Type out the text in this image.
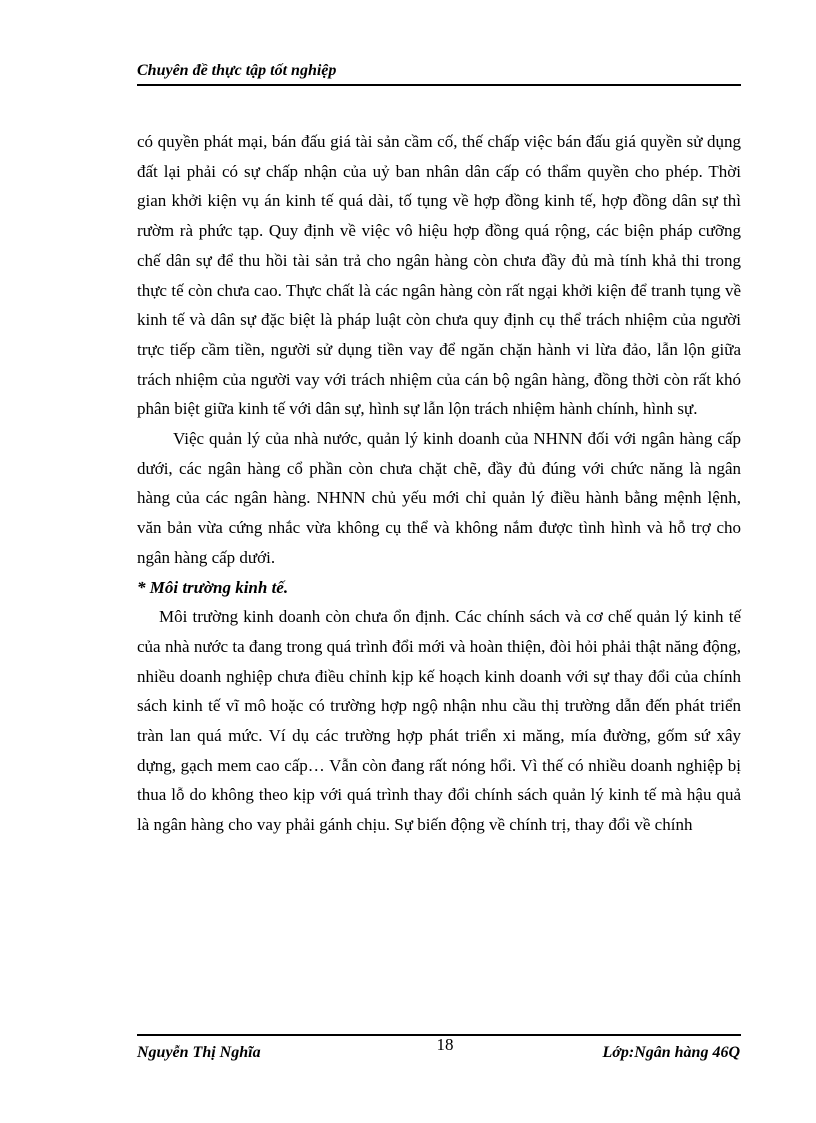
Chuyên đề thực tập tốt nghiệp

có quyền phát mại, bán đấu giá tài sản cầm cố, thế chấp việc bán đấu giá quyền sử dụng đất lại phải có sự chấp nhận của uỷ ban nhân dân cấp có thẩm quyền cho phép. Thời gian khởi kiện vụ án kinh tế quá dài, tố tụng về hợp đồng kinh tế, hợp đồng dân sự thì rườm rà phức tạp. Quy định về việc vô hiệu hợp đồng quá rộng, các biện pháp cưỡng chế dân sự để thu hồi tài sản trả cho ngân hàng còn chưa đầy đủ mà tính khả thi trong thực tế còn chưa cao. Thực chất là các ngân hàng còn rất ngại khởi kiện để tranh tụng về kinh tế và dân sự đặc biệt là pháp luật còn chưa quy định cụ thể trách nhiệm của người trực tiếp cầm tiền, người sử dụng tiền vay để ngăn chặn hành vi lừa đảo, lẫn lộn giữa trách nhiệm của người vay với trách nhiệm của cán bộ ngân hàng, đồng thời còn rất khó phân biệt giữa kinh tế với dân sự, hình sự lẫn lộn trách nhiệm hành chính, hình sự.

Việc quản lý của nhà nước, quản lý kinh doanh của NHNN đối với ngân hàng cấp dưới, các ngân hàng cổ phần còn chưa chặt chẽ, đầy đủ đúng với chức năng là ngân hàng của các ngân hàng. NHNN chủ yếu mới chỉ quản lý điều hành bằng mệnh lệnh, văn bản vừa cứng nhắc vừa không cụ thể và không nắm được tình hình và hỗ trợ cho ngân hàng cấp dưới.

* Môi trường kinh tế.

Môi trường kinh doanh còn chưa ổn định. Các chính sách và cơ chế quản lý kinh tế của nhà nước ta đang trong quá trình đổi mới và hoàn thiện, đòi hỏi phải thật năng động, nhiều doanh nghiệp chưa điều chỉnh kịp kế hoạch kinh doanh với sự thay đổi của chính sách kinh tế vĩ mô hoặc có trường hợp ngộ nhận nhu cầu thị trường dẫn đến phát triển tràn lan quá mức. Ví dụ các trường hợp phát triển xi măng, mía đường, gốm sứ xây dựng, gạch mem cao cấp… Vẫn còn đang rất nóng hổi. Vì thế có nhiều doanh nghiệp bị thua lỗ do không theo kịp với quá trình thay đổi chính sách quản lý kinh tế mà hậu quả là ngân hàng cho vay phải gánh chịu. Sự biến động về chính trị, thay đổi về chính

Nguyễn Thị Nghĩa	18	Lớp:Ngân hàng 46Q
